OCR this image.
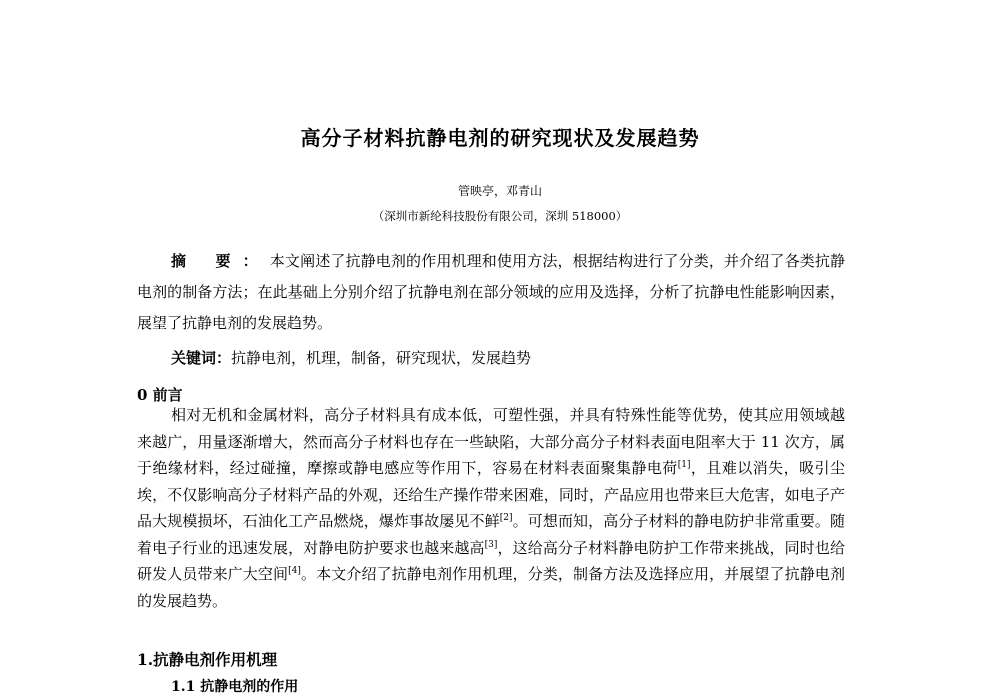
高分子材料抗静电剂的研究现状及发展趋势
管映亭，邓青山
（深圳市新纶科技股份有限公司，深圳 518000）
摘 要：本文阐述了抗静电剂的作用机理和使用方法，根据结构进行了分类，并介绍了各类抗静电剂的制备方法；在此基础上分别介绍了抗静电剂在部分领域的应用及选择，分析了抗静电性能影响因素，展望了抗静电剂的发展趋势。
关键词：抗静电剂，机理，制备，研究现状，发展趋势
0 前言
相对无机和金属材料，高分子材料具有成本低，可塑性强，并具有特殊性能等优势，使其应用领域越来越广，用量逐渐增大，然而高分子材料也存在一些缺陷，大部分高分子材料表面电阻率大于 11 次方，属于绝缘材料，经过碰撞，摩擦或静电感应等作用下，容易在材料表面聚集静电荷[1]，且难以消失，吸引尘埃，不仅影响高分子材料产品的外观，还给生产操作带来困难，同时，产品应用也带来巨大危害，如电子产品大规模损坏，石油化工产品燃烧，爆炸事故屡见不鲜[2]。可想而知，高分子材料的静电防护非常重要。随着电子行业的迅速发展，对静电防护要求也越来越高[3]，这给高分子材料静电防护工作带来挑战，同时也给研发人员带来广大空间[4]。本文介绍了抗静电剂作用机理，分类，制备方法及选择应用，并展望了抗静电剂的发展趋势。
1.抗静电剂作用机理
1.1 抗静电剂的作用
